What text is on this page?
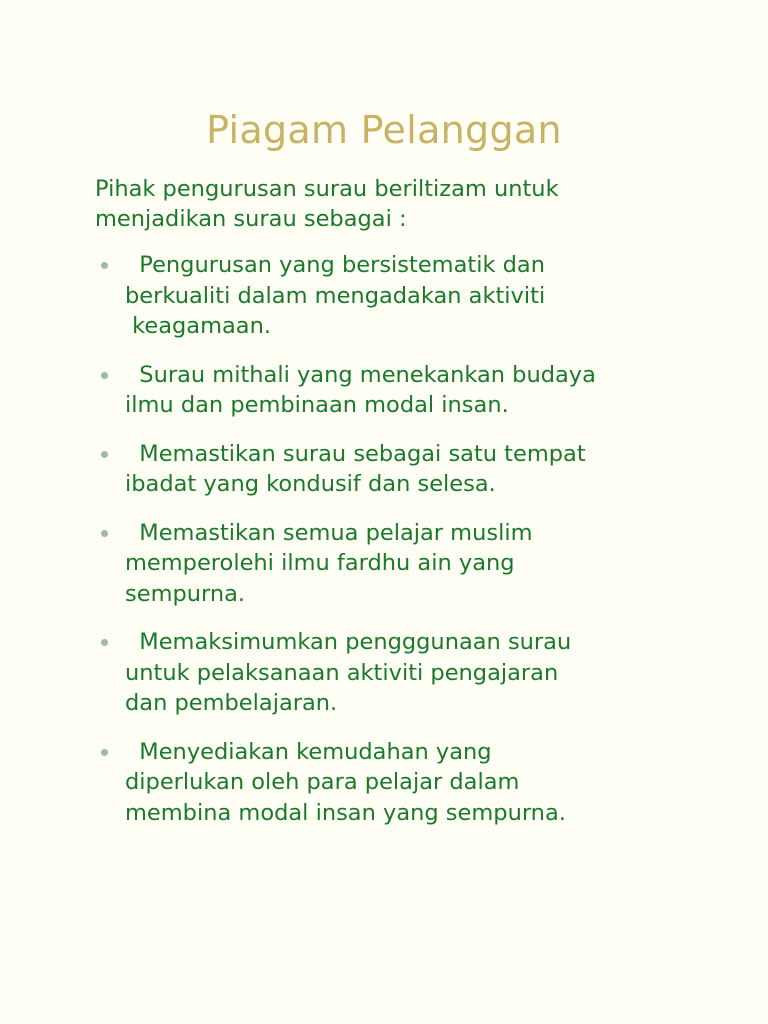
Piagam Pelanggan
Pihak pengurusan surau beriltizam untuk
menjadikan surau sebagai :
Pengurusan yang bersistematik dan
berkualiti dalam mengadakan aktiviti
keagamaan.
Surau mithali yang menekankan budaya
ilmu dan pembinaan modal insan.
Memastikan surau sebagai satu tempat
ibadat yang kondusif dan selesa.
Memastikan semua pelajar muslim
memperolehi ilmu fardhu ain yang
sempurna.
Memaksimumkan pengggunaan surau
untuk pelaksanaan aktiviti pengajaran
dan pembelajaran.
Menyediakan kemudahan yang
diperlukan oleh para pelajar dalam
membina modal insan yang sempurna.
